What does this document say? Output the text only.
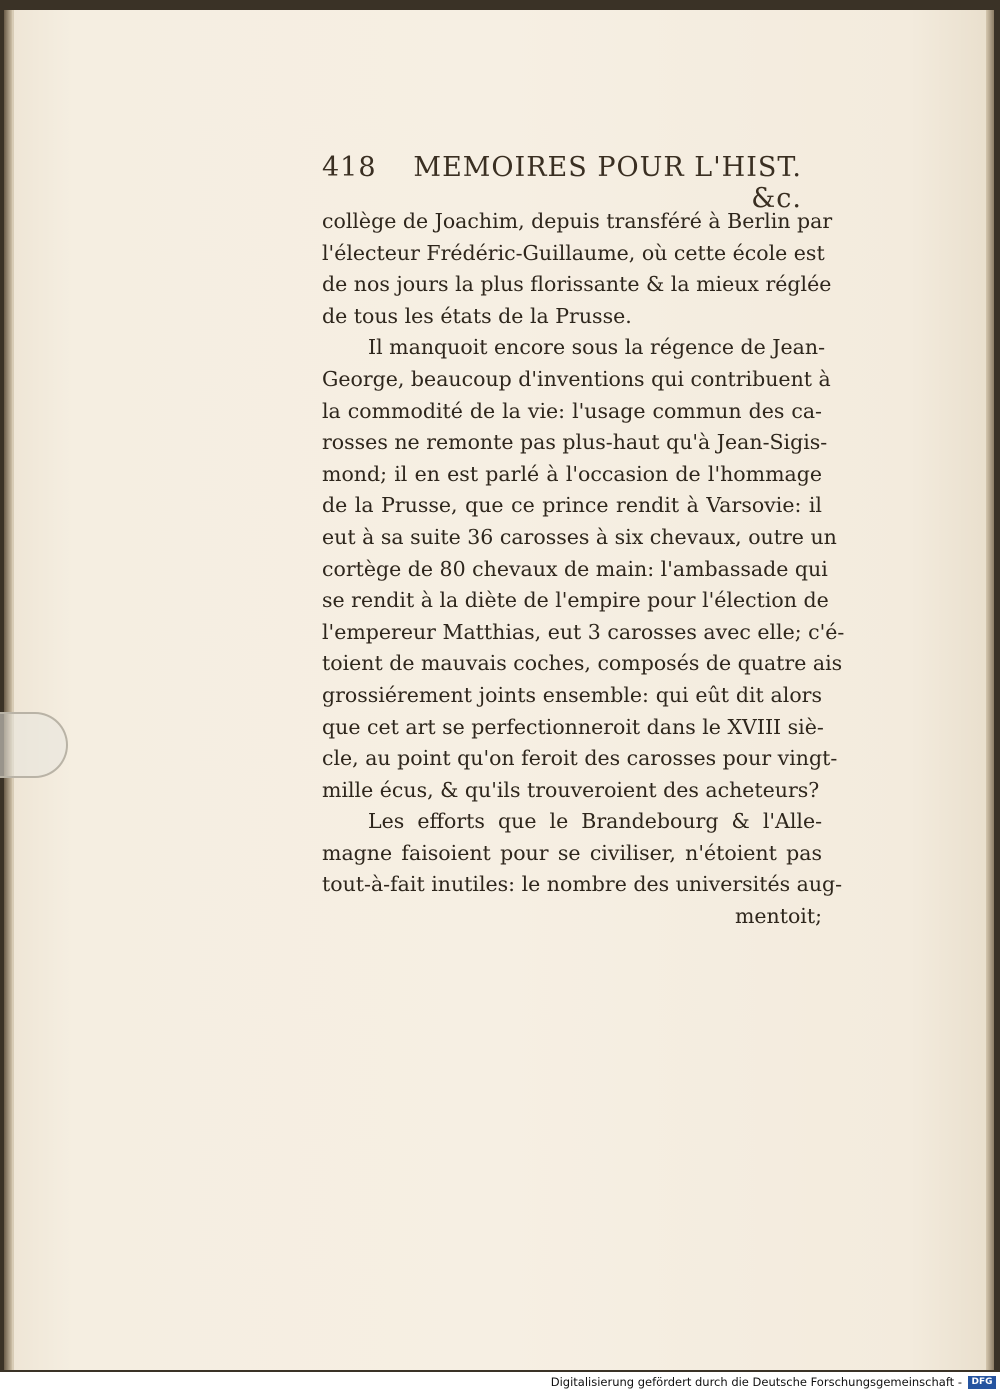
418	MEMOIRES POUR L'HIST. &c.
collège de Joachim, depuis transféré à Berlin par
l'électeur Frédéric-Guillaume, où cette école est
de nos jours la plus florissante & la mieux réglée
de tous les états de la Prusse.
Il manquoit encore sous la régence de Jean-
George, beaucoup d'inventions qui contribuent à
la commodité de la vie: l'usage commun des ca-
rosses ne remonte pas plus-haut qu'à Jean-Sigis-
mond; il en est parlé à l'occasion de l'hommage
de la Prusse, que ce prince rendit à Varsovie: il
eut à sa suite 36 carosses à six chevaux, outre un
cortège de 80 chevaux de main: l'ambassade qui
se rendit à la diète de l'empire pour l'élection de
l'empereur Matthias, eut 3 carosses avec elle; c'é-
toient de mauvais coches, composés de quatre ais
grossiérement joints ensemble: qui eût dit alors
que cet art se perfectionneroit dans le XVIII siè-
cle, au point qu'on feroit des carosses pour vingt-
mille écus, & qu'ils trouveroient des acheteurs?
Les efforts que le Brandebourg & l'Alle-
magne faisoient pour se civiliser, n'étoient pas
tout-à-fait inutiles: le nombre des universités aug-
mentoit;
Digitalisierung gefördert durch die Deutsche Forschungsgemeinschaft -	DFG
